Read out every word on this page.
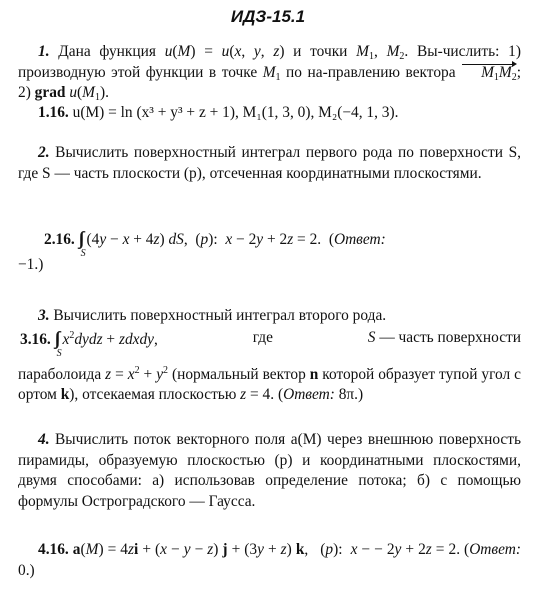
ИДЗ-15.1

1. Дана функция u(M) = u(x, y, z) и точки $M_1$, $M_2$. Вы-числить: 1) производную этой функции в точке $M_1$ по на-правлению вектора $M_1M_2$; 2) grad $u(M_1)$.

1.16. u(M) = ln (x³ + y³ + z + 1), M₁(1, 3, 0), M₂(−4, 1, 3).

2. Вычислить поверхностный интеграл первого рода по поверхности S, где S — часть плоскости (p), отсеченная координатными плоскостями.

2.16. ∫∫
S
(4y − x + 4z) dS,  (p):  x − 2y + 2z = 2.  (Ответ:

−1.)

3. Вычислить поверхностный интеграл второго рода.

3.16. ∫∫
S
$x^2dydz$ + zdxdy,	где	S — часть поверхности

параболоида $z = x^2 + y^2$ (нормальный вектор n которой образует тупой угол с ортом k), отсекаемая плоскостью z = 4. (Ответ: 8π.)

4. Вычислить поток векторного поля a(M) через внешнюю поверхность пирамиды, образуемую плоскостью (p) и координатными плоскостями, двумя способами: а) использовав определение потока; б) с помощью формулы Остроградского — Гаусса.

4.16. a(M) = 4zi + (x − y − z) j + (3y + z) k,   (p):  x − − 2y + 2z = 2. (Ответ: 0.)
